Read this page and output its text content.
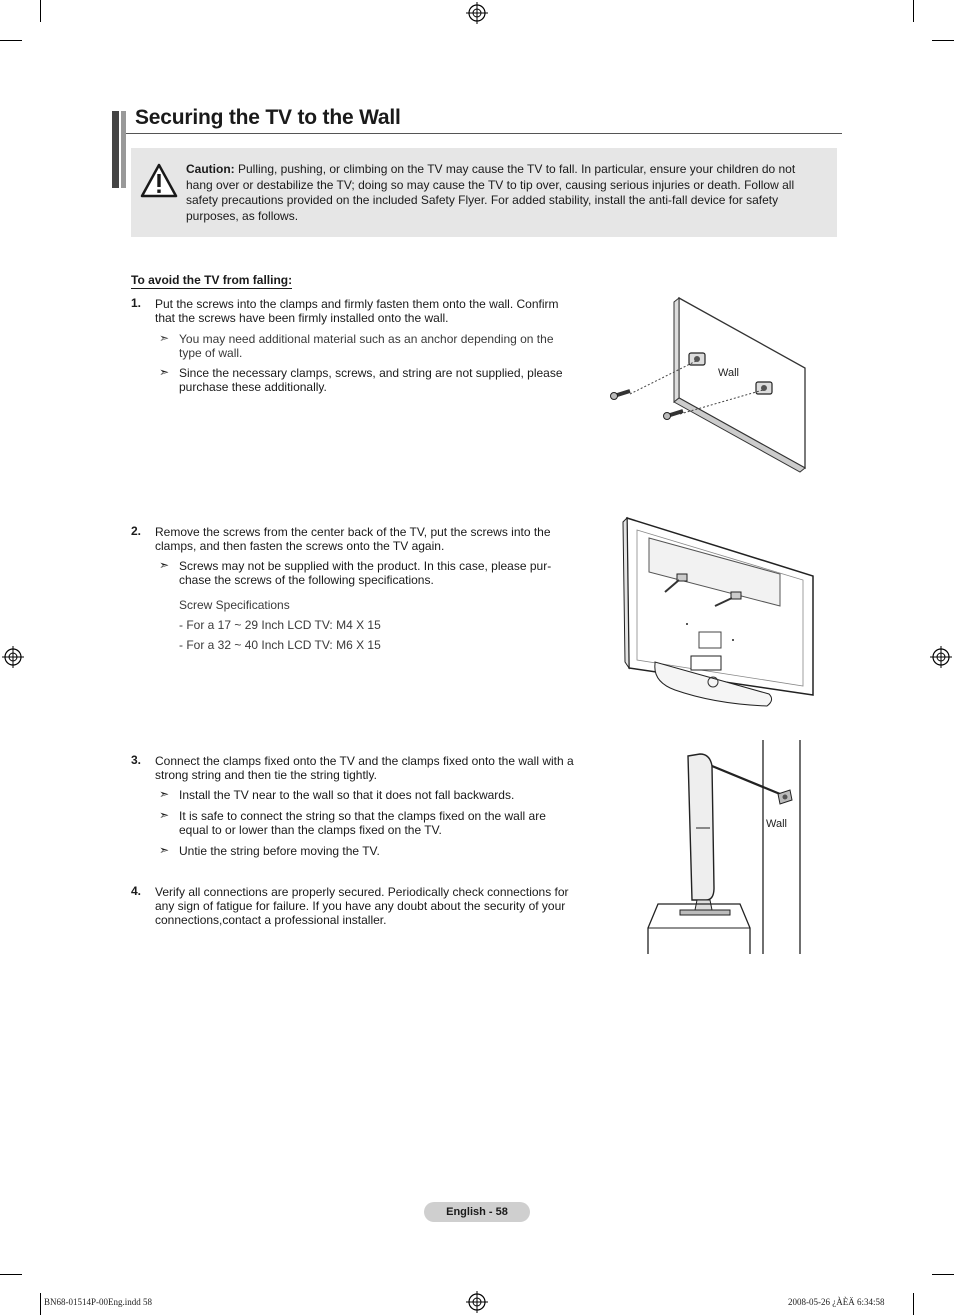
Securing the TV to the Wall
Caution: Pulling, pushing, or climbing on the TV may cause the TV to fall. In particular, ensure your children do not hang over or destabilize the TV; doing so may cause the TV to tip over, causing serious injuries or death. Follow all safety precautions provided on the included Safety Flyer. For added stability, install the anti-fall device for safety purposes, as follows.
To avoid the TV from falling:
1. Put the screws into the clamps and firmly fasten them onto the wall. Confirm that the screws have been firmly installed onto the wall.
➣ You may need additional material such as an anchor depending on the type of wall.
➣ Since the necessary clamps, screws, and string are not supplied, please purchase these additionally.
Wall
2. Remove the screws from the center back of the TV, put the screws into the clamps, and then fasten the screws onto the TV again.
➣ Screws may not be supplied with the product. In this case, please pur-chase the screws of the following specifications.
Screw Specifications
- For a 17 ~ 29 Inch LCD TV: M4 X 15
- For a 32 ~ 40 Inch LCD TV: M6 X 15
3. Connect the clamps fixed onto the TV and the clamps fixed onto the wall with a strong string and then tie the string tightly.
➣ Install the TV near to the wall so that it does not fall backwards.
➣ It is safe to connect the string so that the clamps fixed on the wall are equal to or lower than the clamps fixed on the TV.
➣ Untie the string before moving the TV.
Wall
4. Verify all connections are properly secured. Periodically check connections for any sign of fatigue for failure. If you have any doubt about the security of your connections,contact a professional installer.
English - 58
BN68-01514P-00Eng.indd 58	2008-05-26 ¿ÀÈÄ 6:34:58
